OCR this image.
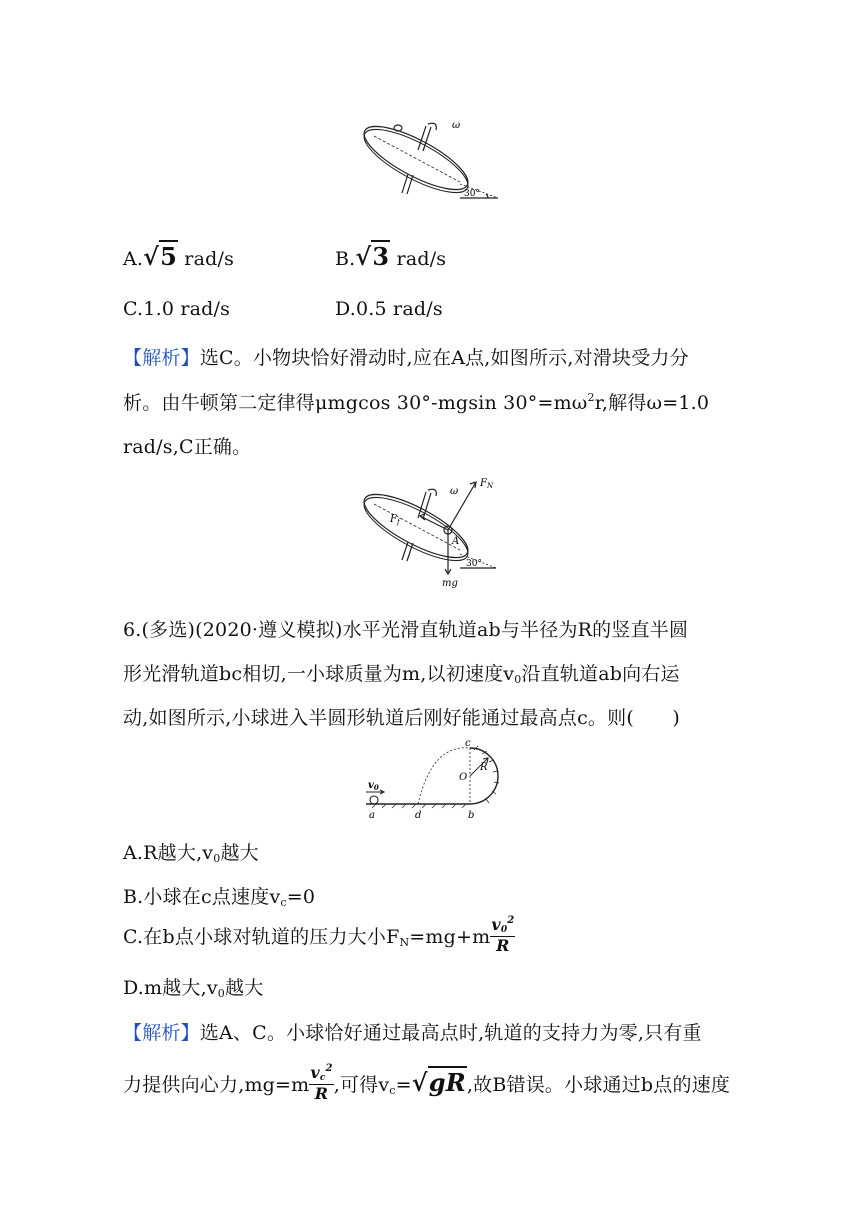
ω
30°
A.√5 rad/s	B.√3 rad/s
C.1.0 rad/s	D.0.5 rad/s
【解析】选C。小物块恰好滑动时,应在A点,如图所示,对滑块受力分
析。由牛顿第二定律得μmgcos 30°-mgsin $30^\circ=m\omega^2r$,解得ω=1.0
rad/s,C正确。
ω
$F_N$
$F_f$
A
mg
30°
6.(多选)(2020·遵义模拟)水平光滑直轨道ab与半径为R的竖直半圆
形光滑轨道bc相切,一小球质量为m,以初速度$v_0$沿直轨道ab向右运
动,如图所示,小球进入半圆形轨道后刚好能通过最高点c。则(　　)
$v_0$
a	d	b
c
O
R
A.R越大$,v_0$越大
B.小球在c点速度$v_c=0$
C.在b点小球对轨道的压力大小$F_N=mg+m \frac{v0^2}{R}$
D.m越大$,v_0$越大
【解析】选A、C。小球恰好通过最高点时,轨道的支持力为零,只有重
力提供向心力$,mg=m \frac{vc^2}{R}$ ,可得$v_c=√gR$,故B错误。小球通过b点的速度
